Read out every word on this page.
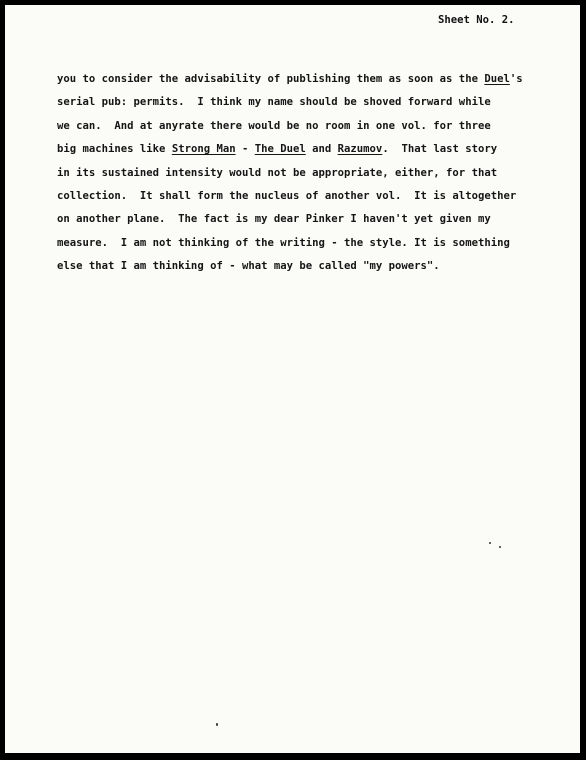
Sheet No. 2.
you to consider the advisability of publishing them as soon as the Duel's
serial pub: permits.  I think my name should be shoved forward while
we can.  And at anyrate there would be no room in one vol. for three
big machines like Strong Man - The Duel and Razumov.  That last story
in its sustained intensity would not be appropriate, either, for that
collection.  It shall form the nucleus of another vol.  It is altogether
on another plane.  The fact is my dear Pinker I haven't yet given my
measure.  I am not thinking of the writing - the style. It is something
else that I am thinking of - what may be called "my powers".
